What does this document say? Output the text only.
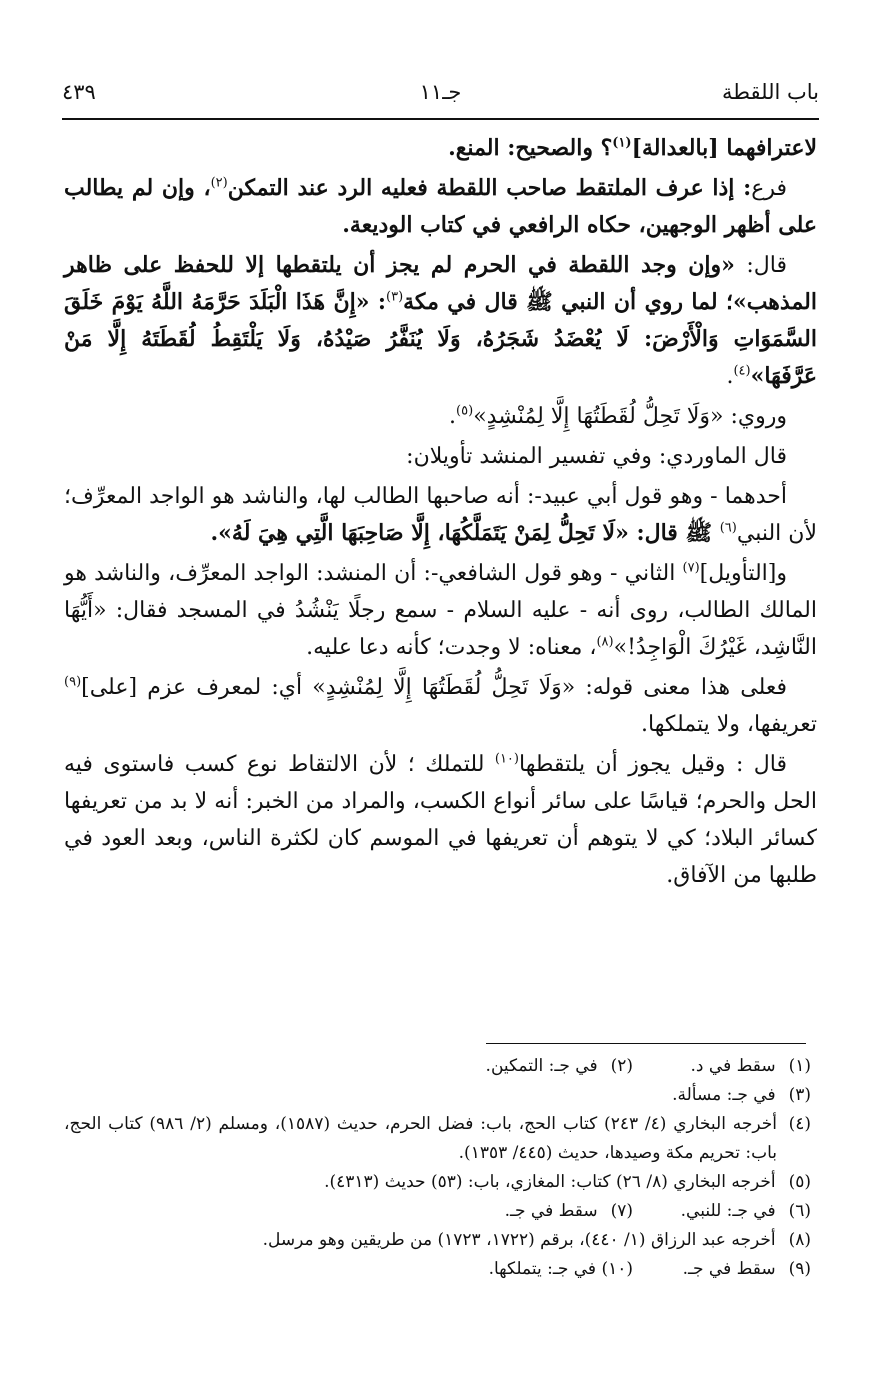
باب اللقطة
جـ١١
٤٣٩

لاعترافهما [بالعدالة]$^{(١)}$؟ والصحيح: المنع.

فرع: إذا عرف الملتقط صاحب اللقطة فعليه الرد عند التمكن$^{(٢)}$، وإن لم يطالب على أظهر الوجهين، حكاه الرافعي في كتاب الوديعة.

قال: «وإن وجد اللقطة في الحرم لم يجز أن يلتقطها إلا للحفظ على ظاهر المذهب»؛ لما روي أن النبي ﷺ قال في مكة$^{(٣)}$: «إِنَّ هَذَا الْبَلَدَ حَرَّمَهُ اللَّهُ يَوْمَ خَلَقَ السَّمَوَاتِ وَالْأَرْضَ: لَا يُعْضَدُ شَجَرُهُ، وَلَا يُنَفَّرُ صَيْدُهُ، وَلَا يَلْتَقِطُ لُقَطَتَهُ إِلَّا مَنْ عَرَّفَهَا»$^{(٤)}$.

وروي: «وَلَا تَحِلُّ لُقَطَتُهَا إِلَّا لِمُنْشِدٍ»$^{(٥)}$.

قال الماوردي: وفي تفسير المنشد تأويلان:

أحدهما - وهو قول أبي عبيد-: أنه صاحبها الطالب لها، والناشد هو الواجد المعرِّف؛ لأن النبي$^{(٦)}$ ﷺ قال: «لَا تَحِلُّ لِمَنْ يَتَمَلَّكُهَا، إِلَّا صَاحِبَهَا الَّتِي هِيَ لَهُ».

و[التأويل]$^{(٧)}$ الثاني - وهو قول الشافعي-: أن المنشد: الواجد المعرِّف، والناشد هو المالك الطالب، روى أنه - عليه السلام - سمع رجلًا يَنْشُدُ في المسجد فقال: «أَيُّهَا النَّاشِد، غَيْرُكَ الْوَاجِدُ!»$^{(٨)}$، معناه: لا وجدت؛ كأنه دعا عليه.

فعلى هذا معنى قوله: «وَلَا تَحِلُّ لُقَطَتُهَا إِلَّا لِمُنْشِدٍ» أي: لمعرف عزم [على]$^{(٩)}$ تعريفها، ولا يتملكها.

قال : وقيل يجوز أن يلتقطها$^{(١٠)}$ للتملك ؛ لأن الالتقاط نوع كسب فاستوى فيه الحل والحرم؛ قياسًا على سائر أنواع الكسب، والمراد من الخبر: أنه لا بد من تعريفها كسائر البلاد؛ كي لا يتوهم أن تعريفها في الموسم كان لكثرة الناس، وبعد العود في طلبها من الآفاق.

(١) سقط في د.
(٢) في جـ: التمكين.
(٣) في جـ: مسألة.
(٤)
أخرجه البخاري (٤/ ٢٤٣) كتاب الحج، باب: فضل الحرم، حديث (١٥٨٧)، ومسلم (٢/ ٩٨٦) كتاب الحج، باب: تحريم مكة وصيدها، حديث (٤٤٥/ ١٣٥٣).
(٥) أخرجه البخاري (٨/ ٢٦) كتاب: المغازي، باب: (٥٣) حديث (٤٣١٣).
(٦) في جـ: للنبي.
(٧) سقط في جـ.
(٨) أخرجه عبد الرزاق (١/ ٤٤٠)، برقم (١٧٢٢، ١٧٢٣) من طريقين وهو مرسل.
(٩) سقط في جـ.
(١٠) في جـ: يتملكها.
